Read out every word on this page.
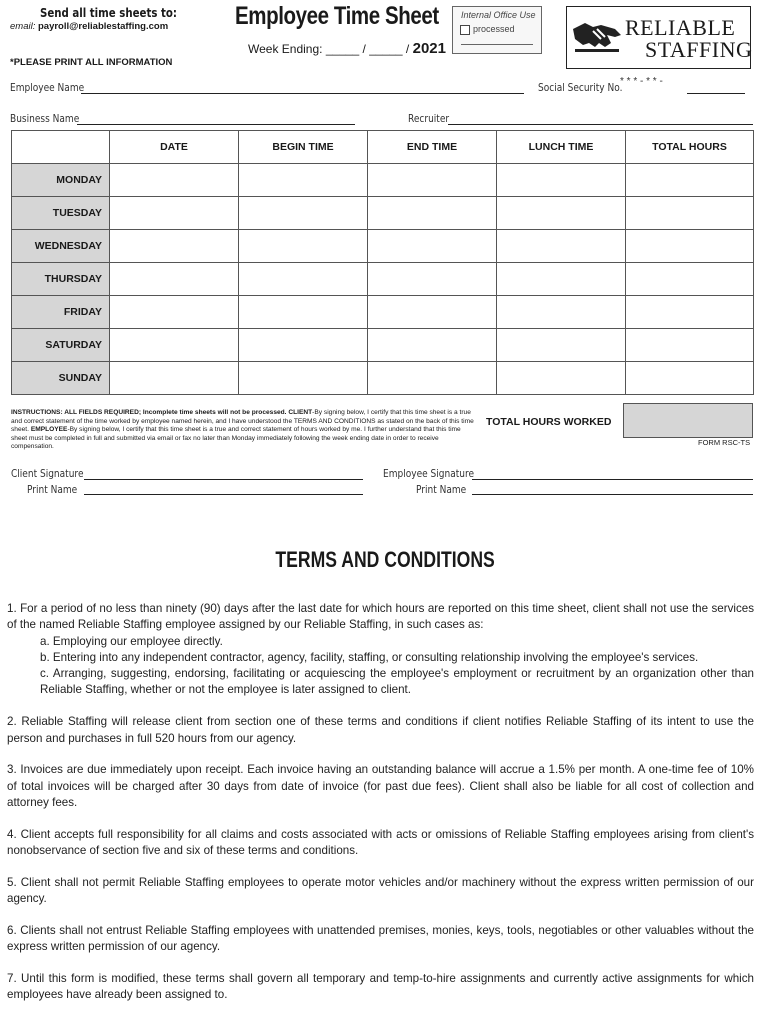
Send all time sheets to:
email: payroll@reliablestaffing.com	Employee Time Sheet
Week Ending: _____ / _____ / 2021
Internal Office Use
processed	RELIABLE
STAFFING
*PLEASE PRINT ALL INFORMATION
Employee Name	Social Security No.
* * * - * * -
Business Name	Recruiter
	DATE	BEGIN TIME	END TIME	LUNCH TIME	TOTAL HOURS
MONDAY					
TUESDAY					
WEDNESDAY					
THURSDAY					
FRIDAY					
SATURDAY					
SUNDAY					
INSTRUCTIONS: ALL FIELDS REQUIRED; Incomplete time sheets will not be processed. CLIENT-By signing below, I certify that this time sheet is a true and correct statement of the time worked by employee named herein, and I have understood the TERMS AND CONDITIONS as stated on the back of this time sheet. EMPLOYEE-By signing below, I certify that this time sheet is a true and correct statement of hours worked by me. I further understand that this time sheet must be completed in full and submitted via email or fax no later than Monday immediately following the week ending date in order to receive compensation.
TOTAL HOURS WORKED
FORM RSC-TS
Client Signature
Print Name
Employee Signature
Print Name
TERMS AND CONDITIONS

1. For a period of no less than ninety (90) days after the last date for which hours are reported on this time sheet, client shall not use the services of the named Reliable Staffing employee assigned by our Reliable Staffing, in such cases as:

a. Employing our employee directly.

b. Entering into any independent contractor, agency, facility, staffing, or consulting relationship involving the employee's services.

c. Arranging, suggesting, endorsing, facilitating or acquiescing the employee's employment or recruitment by an organization other than Reliable Staffing, whether or not the employee is later assigned to client.

2. Reliable Staffing will release client from section one of these terms and conditions if client notifies Reliable Staffing of its intent to use the person and purchases in full 520 hours from our agency.

3. Invoices are due immediately upon receipt. Each invoice having an outstanding balance will accrue a 1.5% per month. A one-time fee of 10% of total invoices will be charged after 30 days from date of invoice (for past due fees). Client shall also be liable for all cost of collection and attorney fees.

4. Client accepts full responsibility for all claims and costs associated with acts or omissions of Reliable Staffing employees arising from client's nonobservance of section five and six of these terms and conditions.

5. Client shall not permit Reliable Staffing employees to operate motor vehicles and/or machinery without the express written permission of our agency.

6. Clients shall not entrust Reliable Staffing employees with unattended premises, monies, keys, tools, negotiables or other valuables without the express written permission of our agency.

7. Until this form is modified, these terms shall govern all temporary and temp-to-hire assignments and currently active assignments for which employees have already been assigned to.
